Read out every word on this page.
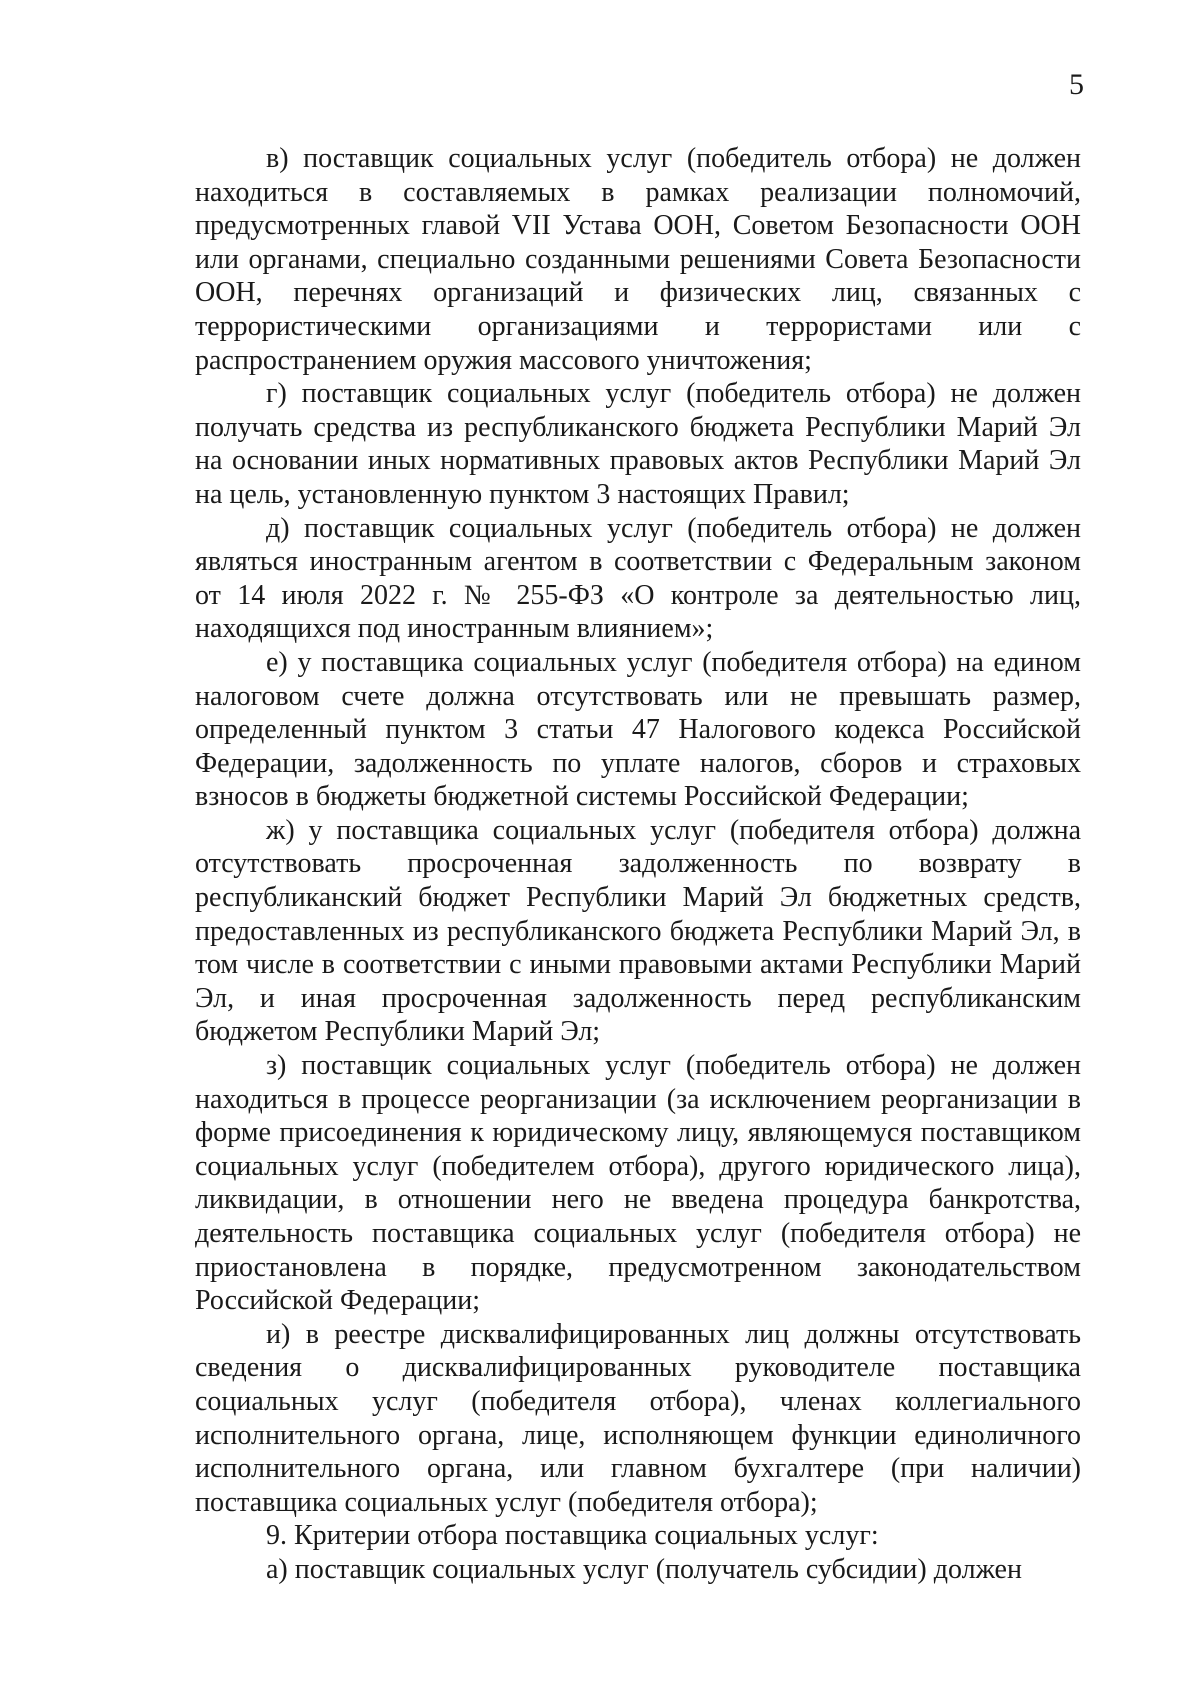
5

в) поставщик социальных услуг (победитель отбора) не должен находиться в составляемых в рамках реализации полномочий, предусмотренных главой VII Устава ООН, Советом Безопасности ООН или органами, специально созданными решениями Совета Безопасности ООН, перечнях организаций и физических лиц, связанных с террористическими организациями и террористами или с распространением оружия массового уничтожения;

г) поставщик социальных услуг (победитель отбора) не должен получать средства из республиканского бюджета Республики Марий Эл на основании иных нормативных правовых актов Республики Марий Эл на цель, установленную пунктом 3 настоящих Правил;

д) поставщик социальных услуг (победитель отбора) не должен являться иностранным агентом в соответствии с Федеральным законом от 14 июля 2022 г. № 255-ФЗ «О контроле за деятельностью лиц, находящихся под иностранным влиянием»;

е) у поставщика социальных услуг (победителя отбора) на едином налоговом счете должна отсутствовать или не превышать размер, определенный пунктом 3 статьи 47 Налогового кодекса Российской Федерации, задолженность по уплате налогов, сборов и страховых взносов в бюджеты бюджетной системы Российской Федерации;

ж) у поставщика социальных услуг (победителя отбора) должна отсутствовать просроченная задолженность по возврату в республиканский бюджет Республики Марий Эл бюджетных средств, предоставленных из республиканского бюджета Республики Марий Эл, в том числе в соответствии с иными правовыми актами Республики Марий Эл, и иная просроченная задолженность перед республиканским бюджетом Республики Марий Эл;

з) поставщик социальных услуг (победитель отбора) не должен находиться в процессе реорганизации (за исключением реорганизации в форме присоединения к юридическому лицу, являющемуся поставщиком социальных услуг (победителем отбора), другого юридического лица), ликвидации, в отношении него не введена процедура банкротства, деятельность поставщика социальных услуг (победителя отбора) не приостановлена в порядке, предусмотренном законодательством Российской Федерации;

и) в реестре дисквалифицированных лиц должны отсутствовать сведения о дисквалифицированных руководителе поставщика социальных услуг (победителя отбора), членах коллегиального исполнительного органа, лице, исполняющем функции единоличного исполнительного органа, или главном бухгалтере (при наличии) поставщика социальных услуг (победителя отбора);

9. Критерии отбора поставщика социальных услуг:

а) поставщик социальных услуг (получатель субсидии) должен
